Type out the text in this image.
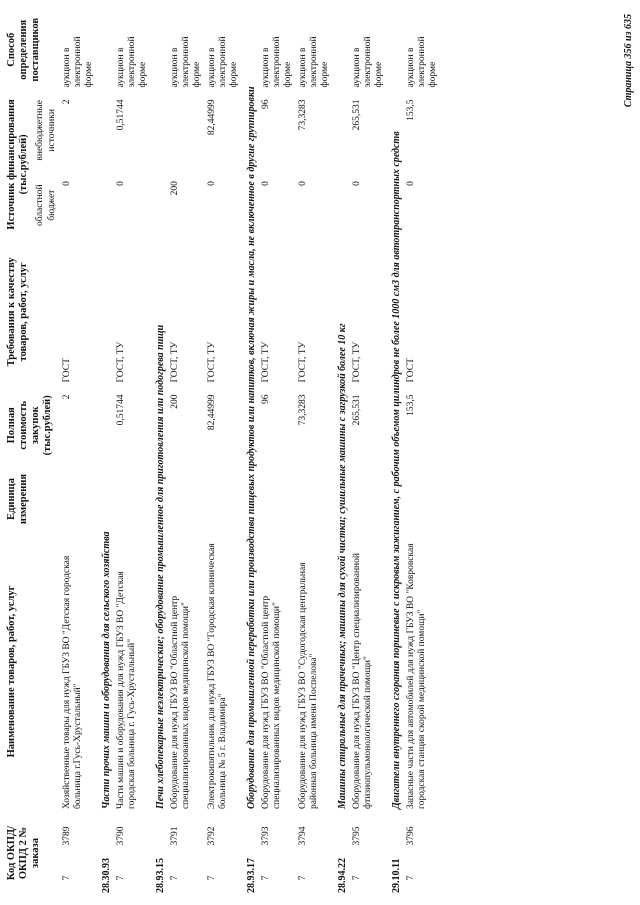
Код ОКПД/ ОКПД 2 № заказа		Наименование товаров, работ, услуг	Единица измерения	Полная стоимость закупок (тыс.рублей)	Требования к качеству товаров, работ, услуг	Источник финансирования (тыс.рублей)		Способ определения поставщиков
						областной бюджет	внебюджетные источники	
7	3789	Хозяйственные товары для нужд ГБУЗ ВО "Детская городская больница г.Гусь-Хрустальный"		2	ГОСТ	0	2	аукцион в электронной форме
28.30.93		Части прочих машин и оборудования для сельского хозяйства						
7	3790	Части машин и оборудования для нужд ГБУЗ ВО "Детская городская больница г. Гусь-Хрустальный"		0,51744	ГОСТ, ТУ	0	0,51744	аукцион в электронной форме
28.93.15		Печи хлебопекарные неэлектрические; оборудование промышленное для приготовления или подогрева пищи						
7	3791	Оборудование для нужд ГБУЗ ВО "Областной центр специализированных видов медицинской помощи"		200	ГОСТ, ТУ	200		аукцион в электронной форме
7	3792	Электрокипятильник для нужд ГБУЗ ВО "Городская клиническая больница № 5 г. Владимира"		82,44999	ГОСТ, ТУ	0	82,44999	аукцион в электронной форме
28.93.17		Оборудование для промышленной переработки или производства пищевых продуктов или напитков, включая жиры и масла, не включенное в другие группировки						
7	3793	Оборудование для нужд ГБУЗ ВО "Областной центр специализированных видов медицинской помощи"		96	ГОСТ, ТУ	0	96	аукцион в электронной форме
7	3794	Оборудование для нужд ГБУЗ ВО "Судогодская центральная районная больница имени Поспелова"		73,3283	ГОСТ, ТУ	0	73,3283	аукцион в электронной форме
28.94.22		Машины стиральные для прачечных; машины для сухой чистки; сушильные машины с загрузкой более 10 кг						
7	3795	Оборудование для нужд ГБУЗ ВО "Центр специализированной фтизиопульмонологической помощи"		265,531	ГОСТ, ТУ	0	265,531	аукцион в электронной форме
29.10.11		Двигатели внутреннего сгорания поршневые с искровым зажиганием, с рабочим объемом цилиндров не более 1000 см3 для автотранспортных средств						
7	3796	Запасные части для автомобилей для нужд ГБУЗ ВО "Ковровская городская станция скорой медицинской помощи"		153,5	ГОСТ	0	153,5	аукцион в электронной форме	Страница 356 из 635
